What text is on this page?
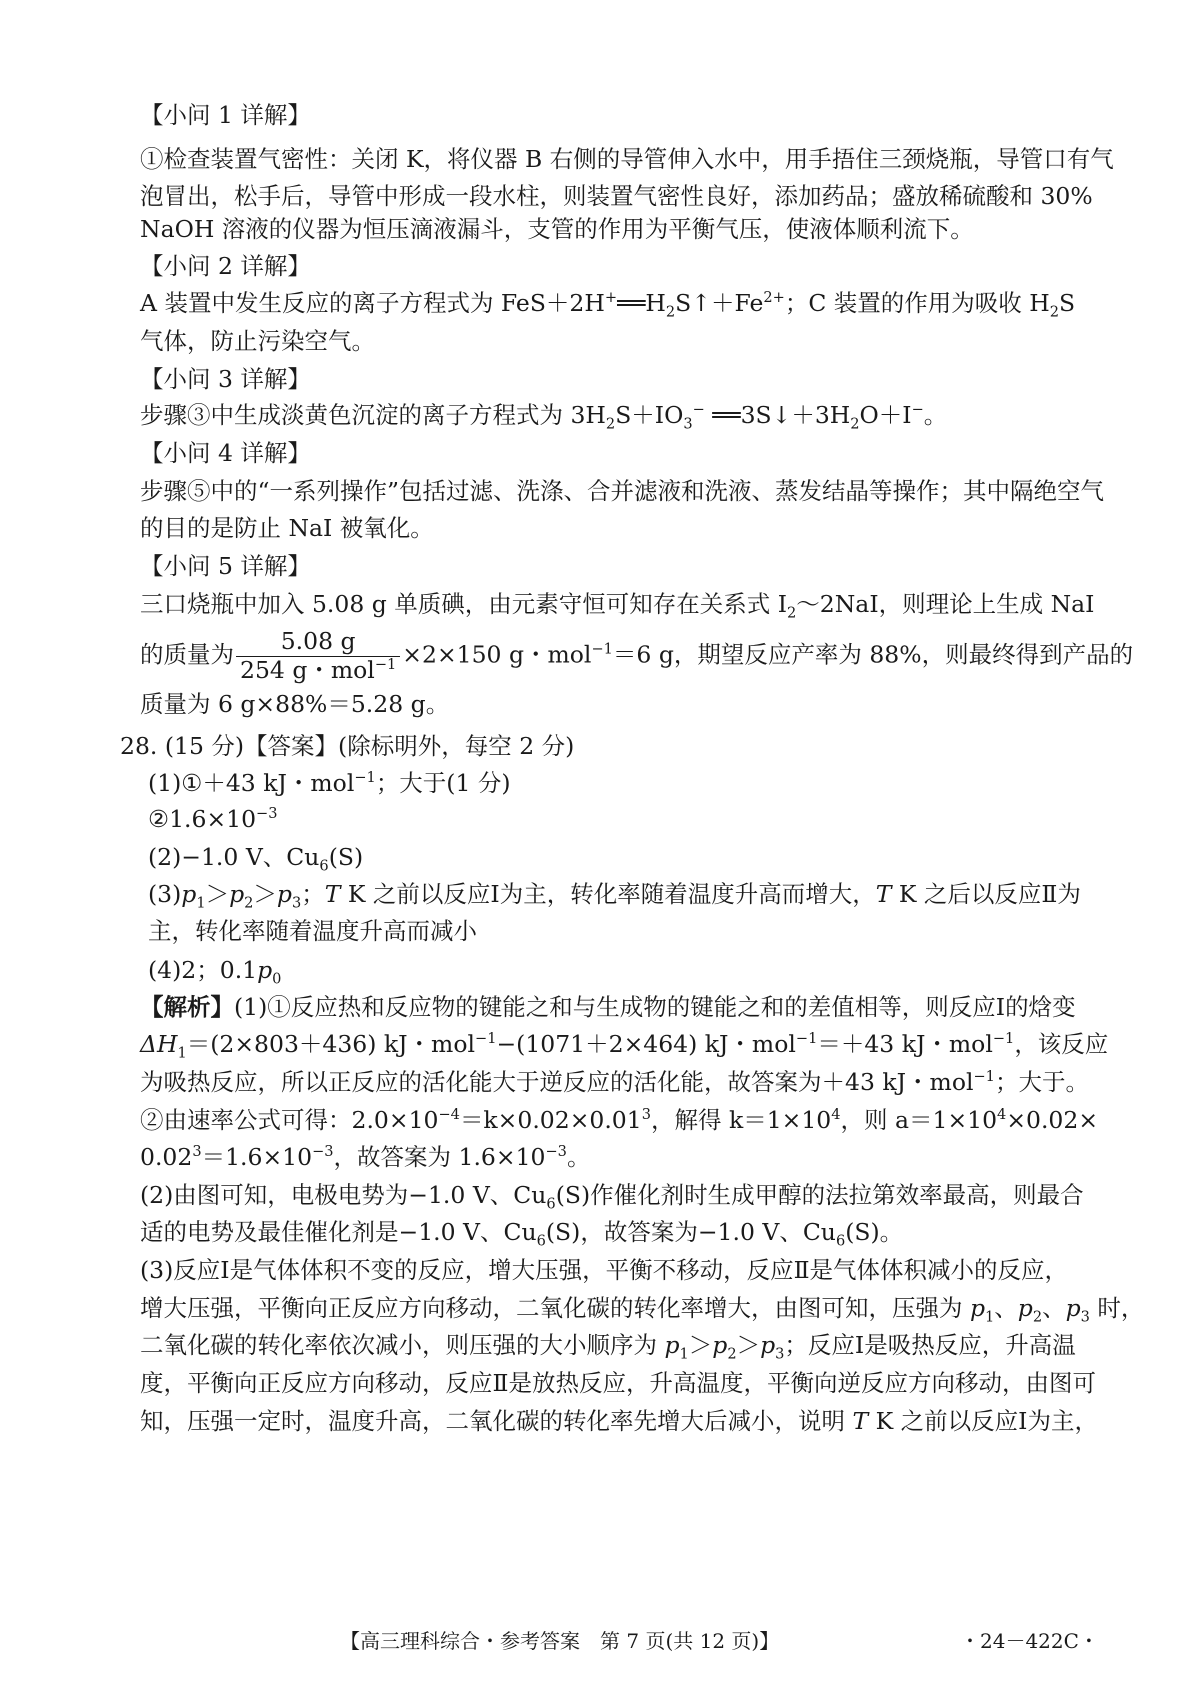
【小问 1 详解】
①检查装置气密性：关闭 K，将仪器 B 右侧的导管伸入水中，用手捂住三颈烧瓶，导管口有气
泡冒出，松手后，导管中形成一段水柱，则装置气密性良好，添加药品；盛放稀硫酸和 30%
NaOH 溶液的仪器为恒压滴液漏斗，支管的作用为平衡气压，使液体顺利流下。
【小问 2 详解】
A 装置中发生反应的离子方程式为 $FeS+2H^+══H_2S↑+Fe^{2+}$；C 装置的作用为吸收 $H_2S$
气体，防止污染空气。
【小问 3 详解】
步骤③中生成淡黄色沉淀的离子方程式为 $3H_2S+IO_3^-$ $══3S↓+3H_2O+I^-$。
【小问 4 详解】
步骤⑤中的“一系列操作”包括过滤、洗涤、合并滤液和洗液、蒸发结晶等操作；其中隔绝空气
的目的是防止 NaI 被氧化。
【小问 5 详解】
三口烧瓶中加入 5.08 g 单质碘，由元素守恒可知存在关系式 $I_2\sim 2NaI$，则理论上生成 NaI
的质量为 $\frac{5.08 g}{254 g・mol^{-1}} \times 2\times 150$ g・mol$^{-1}$＝6 g，期望反应产率为 88%，则最终得到产品的
质量为 6 g×88%＝5.28 g。
28. (15 分)【答案】(除标明外，每空 2 分)
(1)①＋43 kJ・mol$^{-1}$；大于(1 分)
$②1.6\times 10^{-3}$
(2)−1.0 V、$Cu_6(S)$
$(3)p_1>p_2>p_3$；T K 之前以反应Ⅰ为主，转化率随着温度升高而增大，T K 之后以反应Ⅱ为
主，转化率随着温度升高而减小
(4)2；$0.1p_0$
【解析】(1)①反应热和反应物的键能之和与生成物的键能之和的差值相等，则反应Ⅰ的焓变
$\Delta H_1=(2\times 803+436)$ kJ・mol$^{-1}$−(1071＋2×464) kJ・mol$^{-1}$＝＋43 kJ・mol$^{-1}$，该反应
为吸热反应，所以正反应的活化能大于逆反应的活化能，故答案为＋43 kJ・mol$^{-1}$；大于。
②由速率公式可得：$2.0\times 10^{-4}=k\times 0.02\times 0.01^3$，解得 $k=1\times 10^4$，则 $a=1\times 10^4\times 0.02\times$
$0.02^3=1.6\times 10^{-3}$，故答案为 $1.6\times 10^{-3}$。
(2)由图可知，电极电势为−1.0 V、$Cu_6(S)$作催化剂时生成甲醇的法拉第效率最高，则最合
适的电势及最佳催化剂是−1.0 V、$Cu_6(S)$，故答案为−1.0 V、$Cu_6(S)$。
(3)反应Ⅰ是气体体积不变的反应，增大压强，平衡不移动，反应Ⅱ是气体体积减小的反应，
增大压强，平衡向正反应方向移动，二氧化碳的转化率增大，由图可知，压强为 $p_1$、$p_2$、$p_3$ 时，
二氧化碳的转化率依次减小，则压强的大小顺序为 $p_1>p_2>p_3$；反应Ⅰ是吸热反应，升高温
度，平衡向正反应方向移动，反应Ⅱ是放热反应，升高温度，平衡向逆反应方向移动，由图可
知，压强一定时，温度升高，二氧化碳的转化率先增大后减小，说明 T K 之前以反应Ⅰ为主，
【高三理科综合・参考答案　第 7 页(共 12 页)】	・24－422C・
